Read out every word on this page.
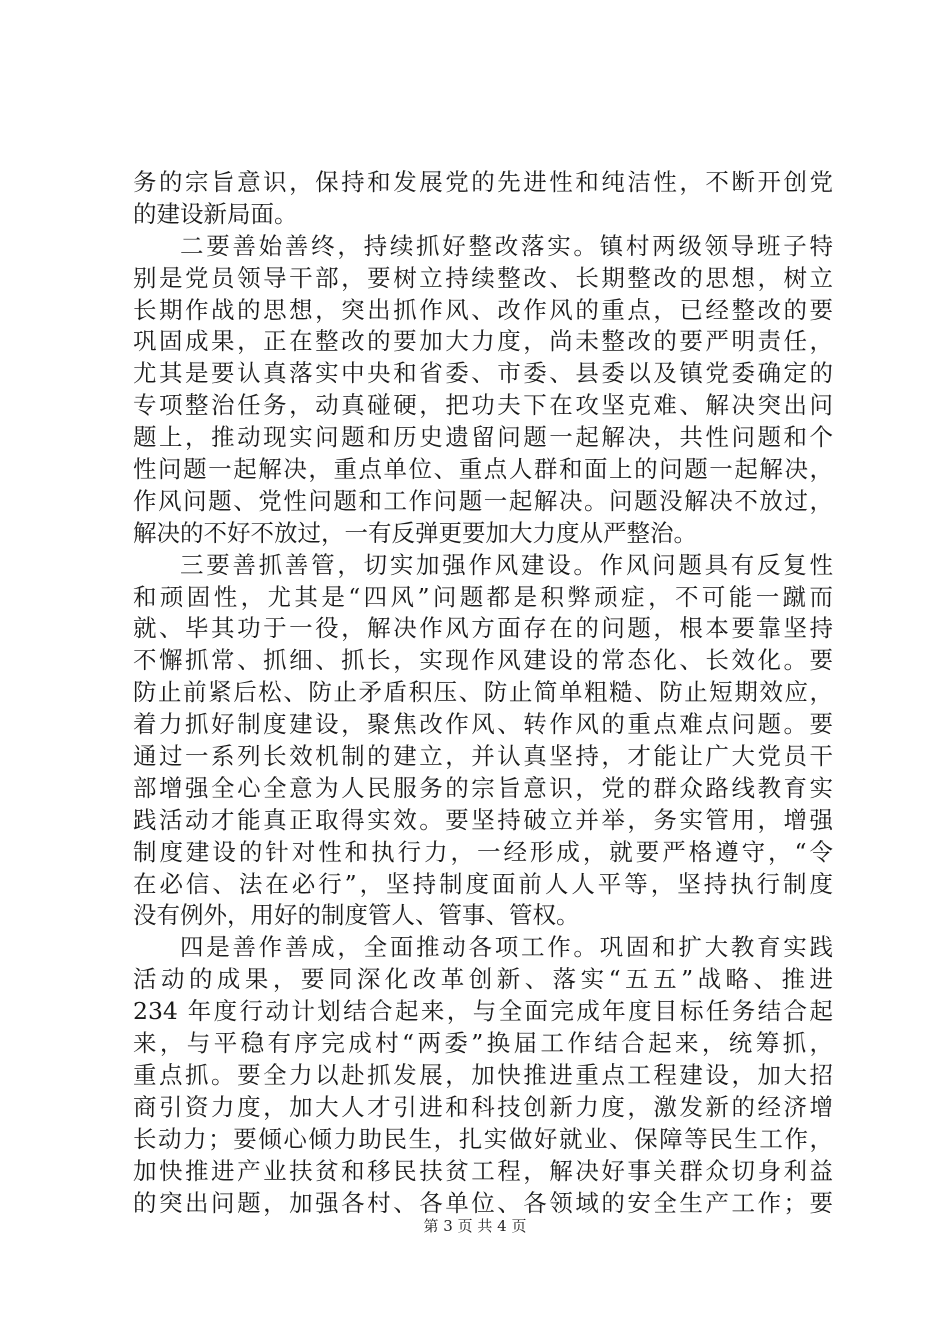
务的宗旨意识，保持和发展党的先进性和纯洁性，不断开创党
的建设新局面。
二要善始善终，持续抓好整改落实。镇村两级领导班子特
别是党员领导干部，要树立持续整改、长期整改的思想，树立
长期作战的思想，突出抓作风、改作风的重点，已经整改的要
巩固成果，正在整改的要加大力度，尚未整改的要严明责任，
尤其是要认真落实中央和省委、市委、县委以及镇党委确定的
专项整治任务，动真碰硬，把功夫下在攻坚克难、解决突出问
题上，推动现实问题和历史遗留问题一起解决，共性问题和个
性问题一起解决，重点单位、重点人群和面上的问题一起解决，
作风问题、党性问题和工作问题一起解决。问题没解决不放过，
解决的不好不放过，一有反弹更要加大力度从严整治。
三要善抓善管，切实加强作风建设。作风问题具有反复性
和顽固性，尤其是“四风”问题都是积弊顽症，不可能一蹴而
就、毕其功于一役，解决作风方面存在的问题，根本要靠坚持
不懈抓常、抓细、抓长，实现作风建设的常态化、长效化。要
防止前紧后松、防止矛盾积压、防止简单粗糙、防止短期效应，
着力抓好制度建设，聚焦改作风、转作风的重点难点问题。要
通过一系列长效机制的建立，并认真坚持，才能让广大党员干
部增强全心全意为人民服务的宗旨意识，党的群众路线教育实
践活动才能真正取得实效。要坚持破立并举，务实管用，增强
制度建设的针对性和执行力，一经形成，就要严格遵守，“令
在必信、法在必行”，坚持制度面前人人平等，坚持执行制度
没有例外，用好的制度管人、管事、管权。
四是善作善成，全面推动各项工作。巩固和扩大教育实践
活动的成果，要同深化改革创新、落实“五五”战略、推进
234 年度行动计划结合起来，与全面完成年度目标任务结合起
来，与平稳有序完成村“两委”换届工作结合起来，统筹抓，
重点抓。要全力以赴抓发展，加快推进重点工程建设，加大招
商引资力度，加大人才引进和科技创新力度，激发新的经济增
长动力；要倾心倾力助民生，扎实做好就业、保障等民生工作，
加快推进产业扶贫和移民扶贫工程，解决好事关群众切身利益
的突出问题，加强各村、各单位、各领域的安全生产工作；要
第 3 页 共 4 页
